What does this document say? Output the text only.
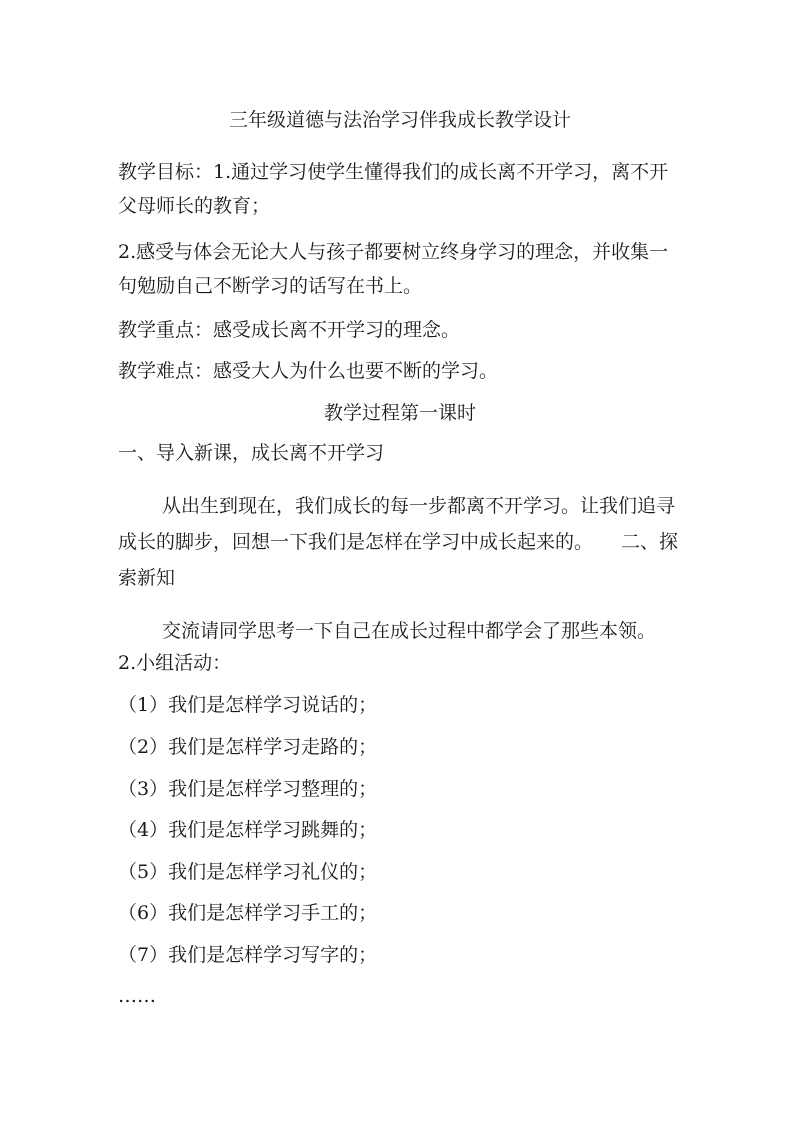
三年级道德与法治学习伴我成长教学设计

教学目标：1.通过学习使学生懂得我们的成长离不开学习，离不开

父母师长的教育；

2.感受与体会无论大人与孩子都要树立终身学习的理念，并收集一

句勉励自己不断学习的话写在书上。

教学重点：感受成长离不开学习的理念。

教学难点：感受大人为什么也要不断的学习。

教学过程第一课时

一、导入新课，成长离不开学习

从出生到现在，我们成长的每一步都离不开学习。让我们追寻

成长的脚步，回想一下我们是怎样在学习中成长起来的。 二、探

索新知

交流请同学思考一下自己在成长过程中都学会了那些本领。

2.小组活动：

（1）我们是怎样学习说话的；

（2）我们是怎样学习走路的；

（3）我们是怎样学习整理的；

（4）我们是怎样学习跳舞的；

（5）我们是怎样学习礼仪的；

（6）我们是怎样学习手工的；

（7）我们是怎样学习写字的；

……
